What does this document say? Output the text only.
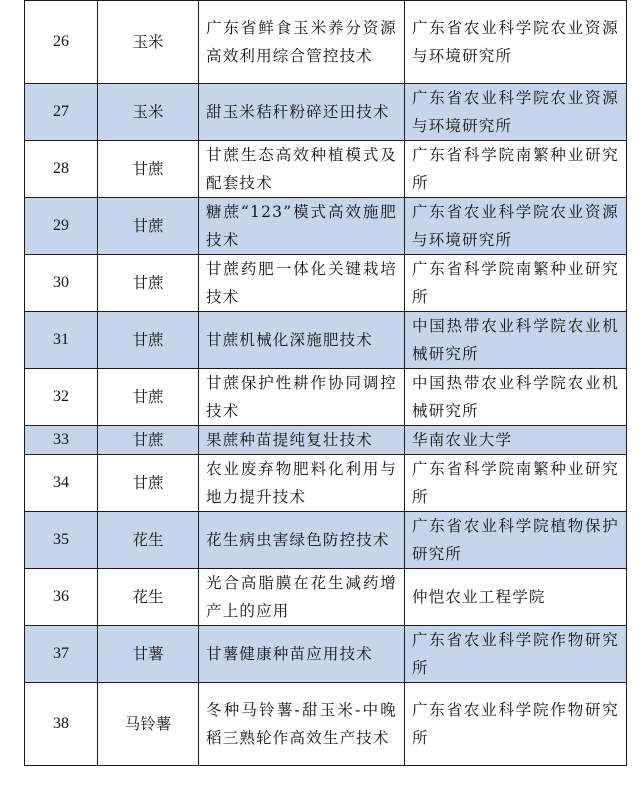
26	玉米	广东省鲜食玉米养分资源高效利用综合管控技术	广东省农业科学院农业资源与环境研究所
27	玉米	甜玉米秸秆粉碎还田技术	广东省农业科学院农业资源与环境研究所
28	甘蔗	甘蔗生态高效种植模式及配套技术	广东省科学院南繁种业研究所
29	甘蔗	糖蔗“123”模式高效施肥技术	广东省农业科学院农业资源与环境研究所
30	甘蔗	甘蔗药肥一体化关键栽培技术	广东省科学院南繁种业研究所
31	甘蔗	甘蔗机械化深施肥技术	中国热带农业科学院农业机械研究所
32	甘蔗	甘蔗保护性耕作协同调控技术	中国热带农业科学院农业机械研究所
33	甘蔗	果蔗种苗提纯复壮技术	华南农业大学
34	甘蔗	农业废弃物肥料化利用与地力提升技术	广东省科学院南繁种业研究所
35	花生	花生病虫害绿色防控技术	广东省农业科学院植物保护研究所
36	花生	光合高脂膜在花生减药增产上的应用	仲恺农业工程学院
37	甘薯	甘薯健康种苗应用技术	广东省农业科学院作物研究所
38	马铃薯	冬种马铃薯-甜玉米-中晚稻三熟轮作高效生产技术	广东省农业科学院作物研究所
